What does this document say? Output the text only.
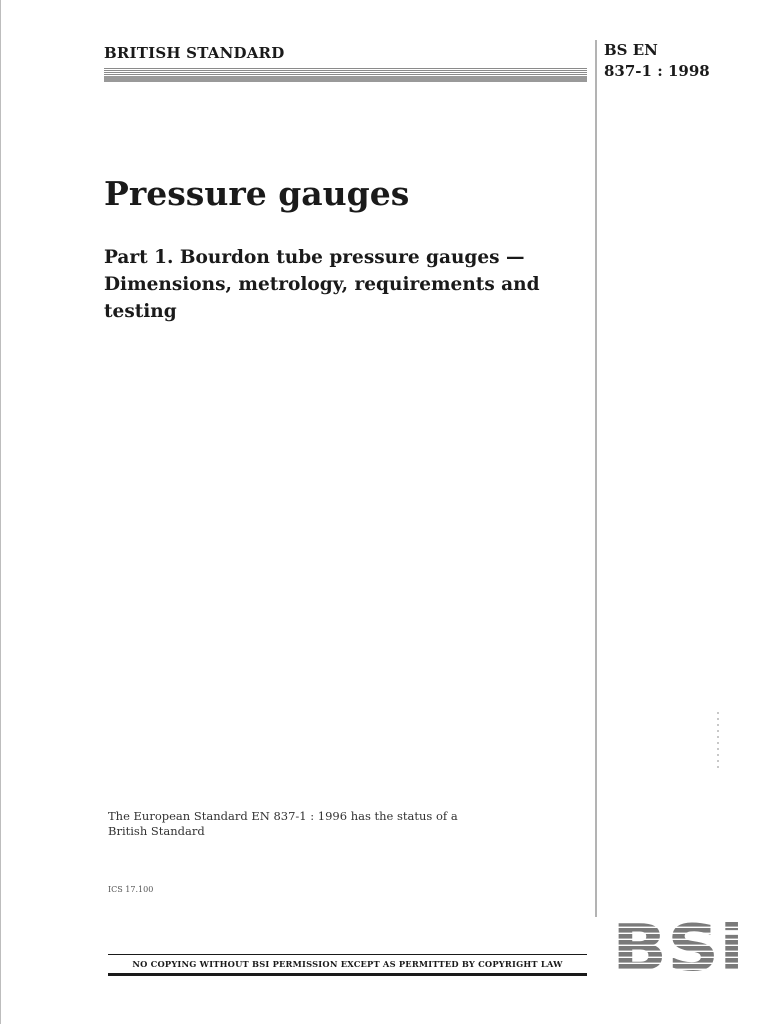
BRITISH STANDARD	BS EN
837-1 : 1998
Pressure gauges
Part 1. Bourdon tube pressure gauges —
Dimensions, metrology, requirements and
testing
The European Standard EN 837-1 : 1996 has the status of a
British Standard
ICS 17.100
NO COPYING WITHOUT BSI PERMISSION EXCEPT AS PERMITTED BY COPYRIGHT LAW BSi
